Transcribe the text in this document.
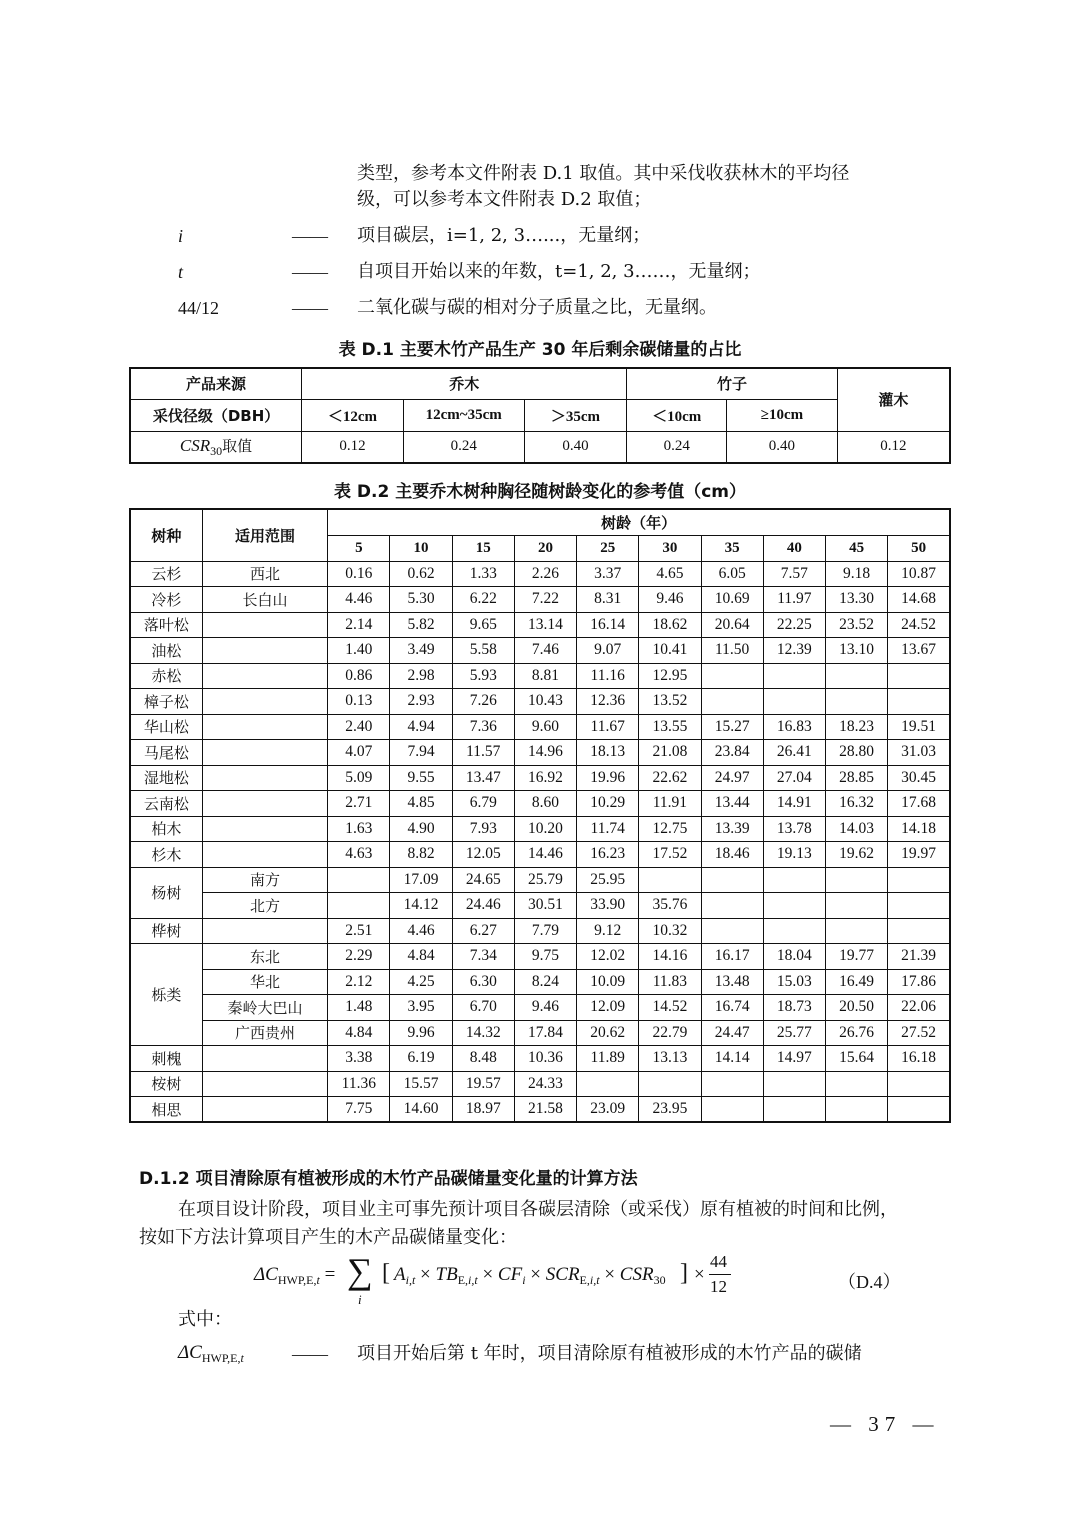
类型，参考本文件附表 D.1 取值。其中采伐收获林木的平均径
级，可以参考本文件附表 D.2 取值；
i	—— 项目碳层，i=1, 2, 3…...，无量纲；
t	—— 自项目开始以来的年数，t=1, 2, 3……，无量纲；
44/12	—— 二氧化碳与碳的相对分子质量之比，无量纲。
表 D.1 主要木竹产品生产 30 年后剩余碳储量的占比
产品来源	乔木			竹子		灌木
采伐径级（DBH）	＜12cm	12cm~35cm	＞35cm	＜10cm	≥10cm	
$CSR_{30}$取值	0.12	0.24	0.40	0.24	0.40	0.12
表 D.2 主要乔木树种胸径随树龄变化的参考值（cm）
树种	适用范围	树龄（年）									
		5	10	15	20	25	30	35	40	45	50
云杉	西北	0.16	0.62	1.33	2.26	3.37	4.65	6.05	7.57	9.18	10.87
冷杉	长白山	4.46	5.30	6.22	7.22	8.31	9.46	10.69	11.97	13.30	14.68
落叶松		2.14	5.82	9.65	13.14	16.14	18.62	20.64	22.25	23.52	24.52
油松		1.40	3.49	5.58	7.46	9.07	10.41	11.50	12.39	13.10	13.67
赤松		0.86	2.98	5.93	8.81	11.16	12.95				
樟子松		0.13	2.93	7.26	10.43	12.36	13.52				
华山松		2.40	4.94	7.36	9.60	11.67	13.55	15.27	16.83	18.23	19.51
马尾松		4.07	7.94	11.57	14.96	18.13	21.08	23.84	26.41	28.80	31.03
湿地松		5.09	9.55	13.47	16.92	19.96	22.62	24.97	27.04	28.85	30.45
云南松		2.71	4.85	6.79	8.60	10.29	11.91	13.44	14.91	16.32	17.68
柏木		1.63	4.90	7.93	10.20	11.74	12.75	13.39	13.78	14.03	14.18
杉木		4.63	8.82	12.05	14.46	16.23	17.52	18.46	19.13	19.62	19.97
杨树	南方		17.09	24.65	25.79	25.95					
	北方		14.12	24.46	30.51	33.90	35.76				
桦树		2.51	4.46	6.27	7.79	9.12	10.32				
栎类	东北	2.29	4.84	7.34	9.75	12.02	14.16	16.17	18.04	19.77	21.39
	华北	2.12	4.25	6.30	8.24	10.09	11.83	13.48	15.03	16.49	17.86
	秦岭大巴山	1.48	3.95	6.70	9.46	12.09	14.52	16.74	18.73	20.50	22.06
	广西贵州	4.84	9.96	14.32	17.84	20.62	22.79	24.47	25.77	26.76	27.52
刺槐		3.38	6.19	8.48	10.36	11.89	13.13	14.14	14.97	15.64	16.18
桉树		11.36	15.57	19.57	24.33						
相思		7.75	14.60	18.97	21.58	23.09	23.95				
D.1.2 项目清除原有植被形成的木竹产品碳储量变化量的计算方法
在项目设计阶段，项目业主可事先预计项目各碳层清除（或采伐）原有植被的时间和比例，
按如下方法计算项目产生的木产品碳储量变化：
$\Delta C_{HWP,E,t}$ = ∑
i
[ $A_{i,t} \times TB_{E,i,t} \times CF_i \times SCR_{E,i,t} \times CSR_{30}$ ] ×
44
12	（D.4）
式中：
$\Delta C_{HWP,E,t}$	—— 项目开始后第 t 年时，项目清除原有植被形成的木竹产品的碳储
— 37 —
